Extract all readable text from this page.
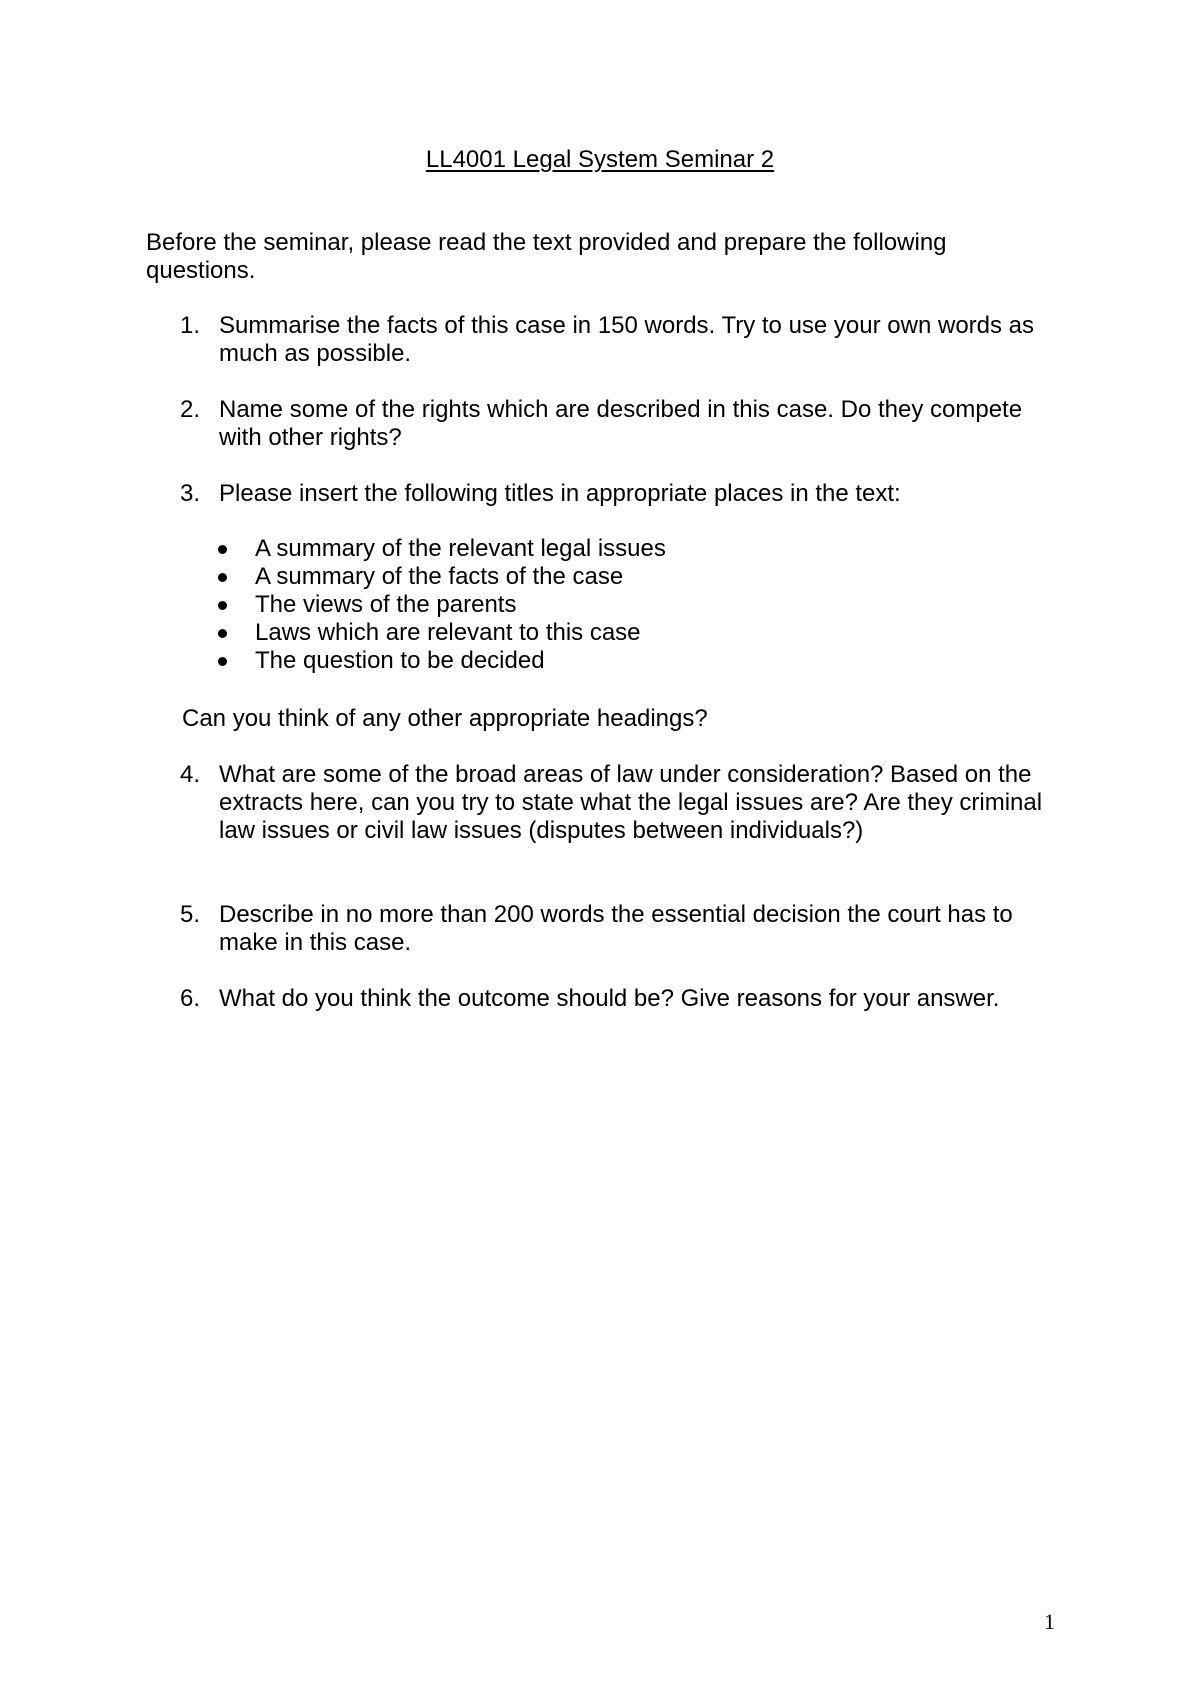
LL4001 Legal System Seminar 2

Before the seminar, please read the text provided and prepare the following questions.

1. Summarise the facts of this case in 150 words. Try to use your own words as much as possible.
2. Name some of the rights which are described in this case. Do they compete with other rights?
3. Please insert the following titles in appropriate places in the text:
A summary of the relevant legal issues
A summary of the facts of the case
The views of the parents
Laws which are relevant to this case
The question to be decided

Can you think of any other appropriate headings?

4. What are some of the broad areas of law under consideration? Based on the extracts here, can you try to state what the legal issues are? Are they criminal law issues or civil law issues (disputes between individuals?)
5. Describe in no more than 200 words the essential decision the court has to make in this case.
6. What do you think the outcome should be? Give reasons for your answer.
1
